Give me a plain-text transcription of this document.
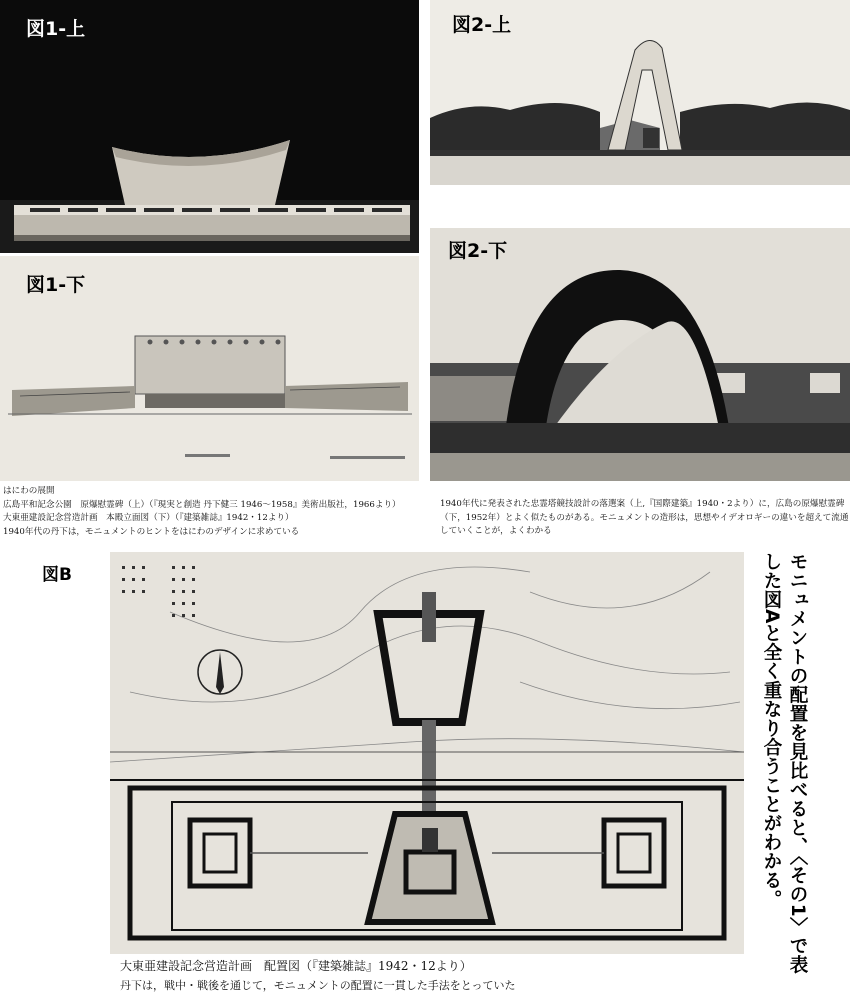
図1-上
図1-下
図2-上
図2-下
はにわの展開
広島平和記念公園　原爆慰霊碑（上）（『現実と創造 丹下健三 1946〜1958』美術出版社，1966より）
大東亜建設記念営造計画　本殿立面図（下）（『建築雑誌』1942・12より）
1940年代の丹下は，モニュメントのヒントをはにわのデザインに求めている
1940年代に発表された忠霊塔競技設計の落選案（上,『国際建築』1940・2より）に，広島の原爆慰霊碑
（下，1952年）とよく似たものがある。モニュメントの造形は，思想やイデオロギーの違いを超えて流通
していくことが，よくわかる
図B
大東亜建設記念営造計画　配置図（『建築雑誌』1942・12より）
丹下は，戦中・戦後を通じて，モニュメントの配置に一貫した手法をとっていた
モニュメントの配置を見比べると、〈その1〉で表した図Aと全く重なり合うことがわかる。
